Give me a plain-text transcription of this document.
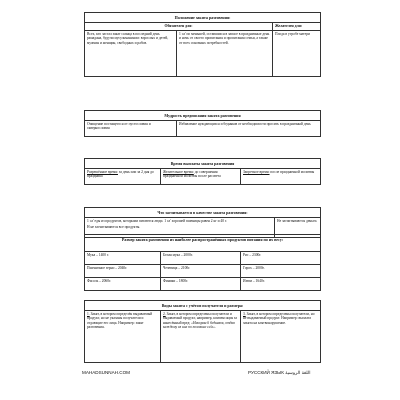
Положение закята разговения:		
Обязателен для:		Желателен для:
Всех, кто застал закат солнца в последний день рамадана, будучи мусульманином: взрослых и детей, мужчин и женщин, свободных и рабов.	1 са' по меньшей, оставшихся в запасе в праздничные день и ночь от своего пропитания и пропитания семьи, а также от всех основных потребностей.	Плода в утробе матери
Мудрость предписания закята разговения
Очищение постящегося от пустословия и сквернословия	Избавление нуждающихся и бедняков от необходимости просить в праздничный день
Время выплаты закята разговения
Разрешённое время: за день или за 2 дня до праздника	Желательное время: до совершения праздничной молитвы после рассвета	Запретное время: после праздничной молитвы
Что засчитывается в качестве закята разговения:

1 са' еды из продуктов, которыми питаются люди. 1 са' хорошей пшеницы равен 2 кг и 40 г.
Н не засчитываются все продукты.
	Не засчитываются деньги.
Размер закята разговения из наиболее распространённых продуктов питания по их весу:		
Мука – 1400 г.	Белая мука – 2000г.	Рис – 2300г.
Пшеничное зерно – 2040г.	Чечевица – 2100г.	Горох – 2000г.
Фасоль – 2060г.	Финики – 1800г.	Изюм – 1640г.
Виды закята с учётом получателя и размера:
1. Закят, в котором определён выдаваемый продукт, но не указаны получатели и отдающие его лица. Например: закят разговения.	2. Закят, в котором определены получатели и выдаваемый продукт, например, компенсация за нанесённый вред: «Накорми 6 бедняков, отдав каждому из них по половине са'а».	3. Закят, в котором определены получатели, но не выдаваемый продукт. Например: выплата закята на клятвонарушение.
MAHADSUNNAH.COM	РУССКИЙ ЯЗЫК اللغة الروسية
